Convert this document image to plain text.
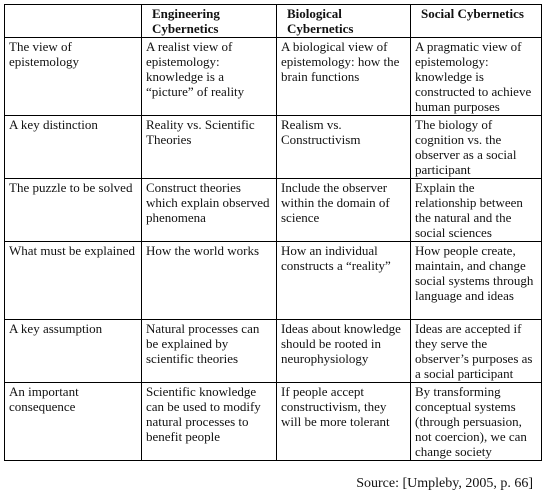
	Engineering Cybernetics	Biological Cybernetics	Social Cybernetics
The view of epistemology	A realist view of epistemology: knowledge is a “picture” of reality	A biological view of epistemology: how the brain functions	A pragmatic view of epistemology: knowledge is constructed to achieve human purposes
A key distinction	Reality vs. Scientific Theories	Realism vs. Constructivism	The biology of cognition vs. the observer as a social participant
The puzzle to be solved	Construct theories which explain observed phenomena	Include the observer within the domain of science	Explain the relationship between the natural and the social sciences
What must be explained	How the world works	How an individual constructs a “reality”	How people create, maintain, and change social systems through language and ideas
A key assumption	Natural processes can be explained by scientific theories	Ideas about knowledge should be rooted in neurophysiology	Ideas are accepted if they serve the observer’s purposes as a social participant
An important consequence	Scientific knowledge can be used to modify natural processes to benefit people	If people accept constructivism, they will be more tolerant	By transforming conceptual systems (through persuasion, not coercion), we can change society
Source: [Umpleby, 2005, p. 66]
